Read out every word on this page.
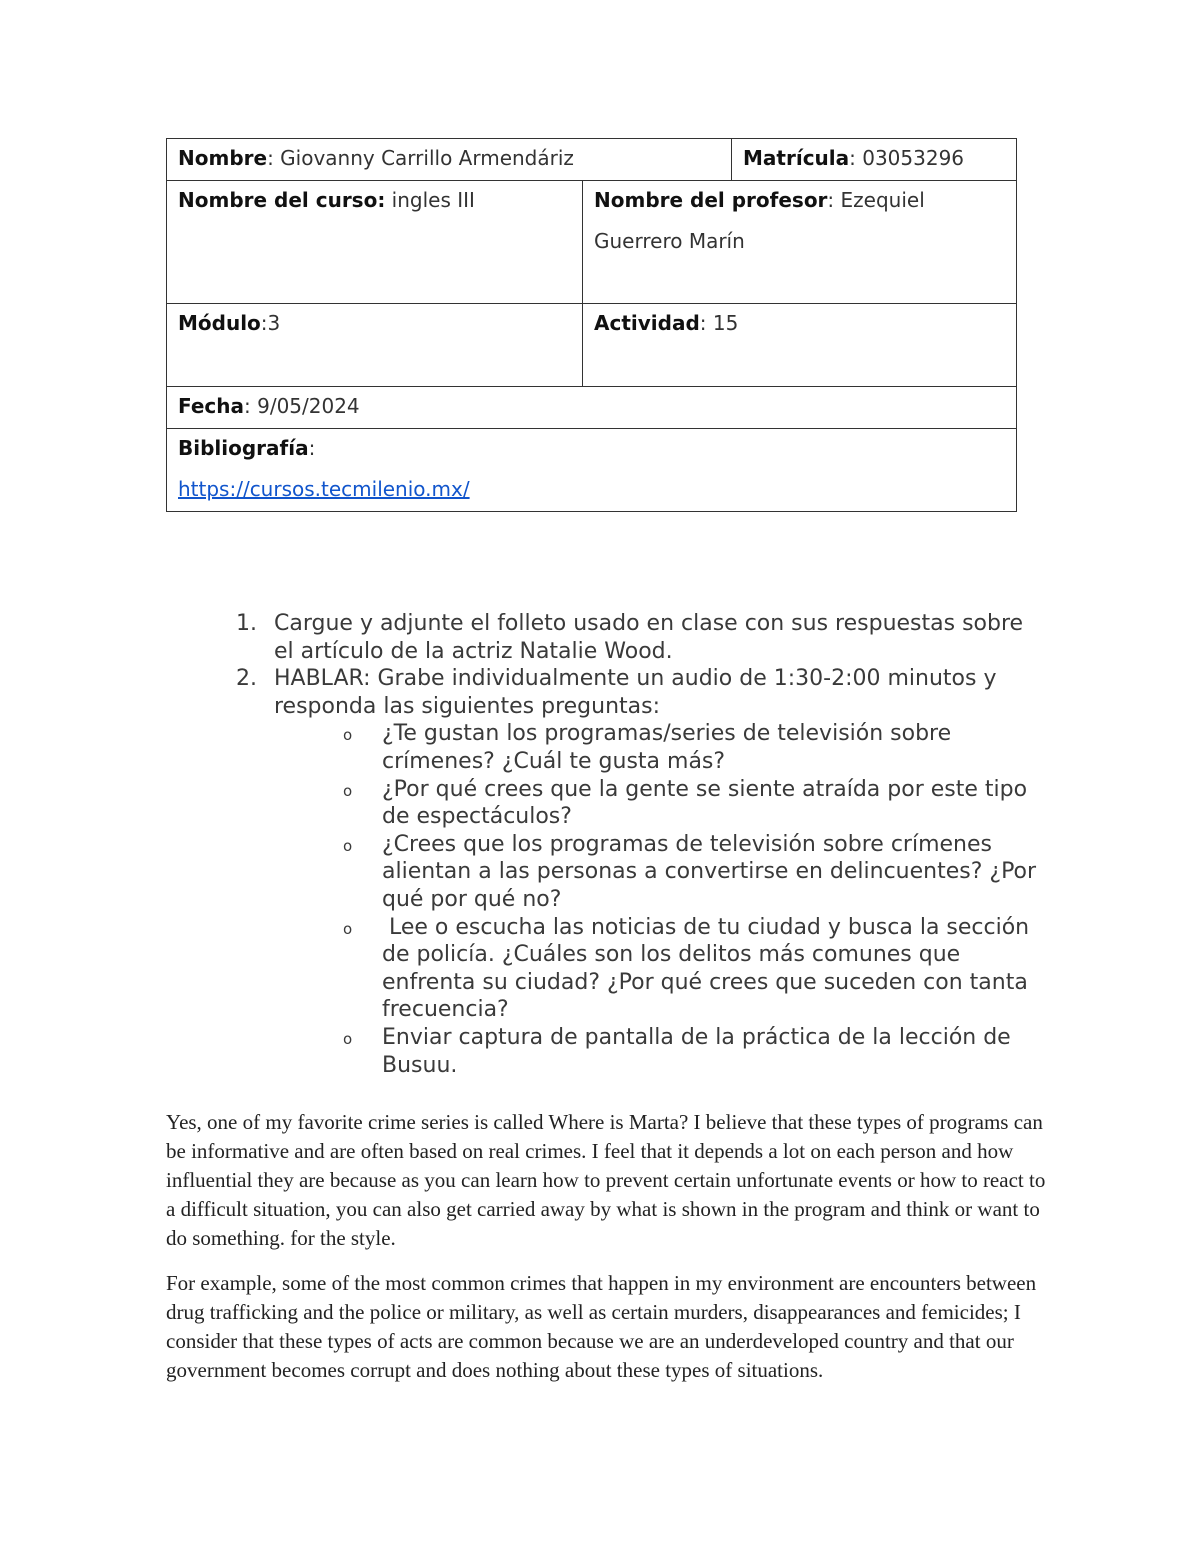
Nombre: Giovanny Carrillo Armendáriz		Matrícula: 03053296
Nombre del curso: ingles III	Nombre del profesor: Ezequiel
Guerrero Marín	

Módulo:3	Actividad: 15	
Fecha: 9/05/2024		
Bibliografía:
https://cursos.tecmilenio.mx/		
1. Cargue y adjunte el folleto usado en clase con sus respuestas sobre el artículo de la actriz Natalie Wood.
2. HABLAR: Grabe individualmente un audio de 1:30-2:00 minutos y responda las siguientes preguntas:
o ¿Te gustan los programas/series de televisión sobre crímenes? ¿Cuál te gusta más?
o ¿Por qué crees que la gente se siente atraída por este tipo de espectáculos?
o ¿Crees que los programas de televisión sobre crímenes alientan a las personas a convertirse en delincuentes? ¿Por qué por qué no?
o Lee o escucha las noticias de tu ciudad y busca la sección de policía. ¿Cuáles son los delitos más comunes que enfrenta su ciudad? ¿Por qué crees que suceden con tanta frecuencia?
o Enviar captura de pantalla de la práctica de la lección de Busuu.

Yes, one of my favorite crime series is called Where is Marta? I believe that these types of programs can be informative and are often based on real crimes. I feel that it depends a lot on each person and how influential they are because as you can learn how to prevent certain unfortunate events or how to react to a difficult situation, you can also get carried away by what is shown in the program and think or want to do something. for the style.

For example, some of the most common crimes that happen in my environment are encounters between drug trafficking and the police or military, as well as certain murders, disappearances and femicides; I consider that these types of acts are common because we are an underdeveloped country and that our government becomes corrupt and does nothing about these types of situations.
